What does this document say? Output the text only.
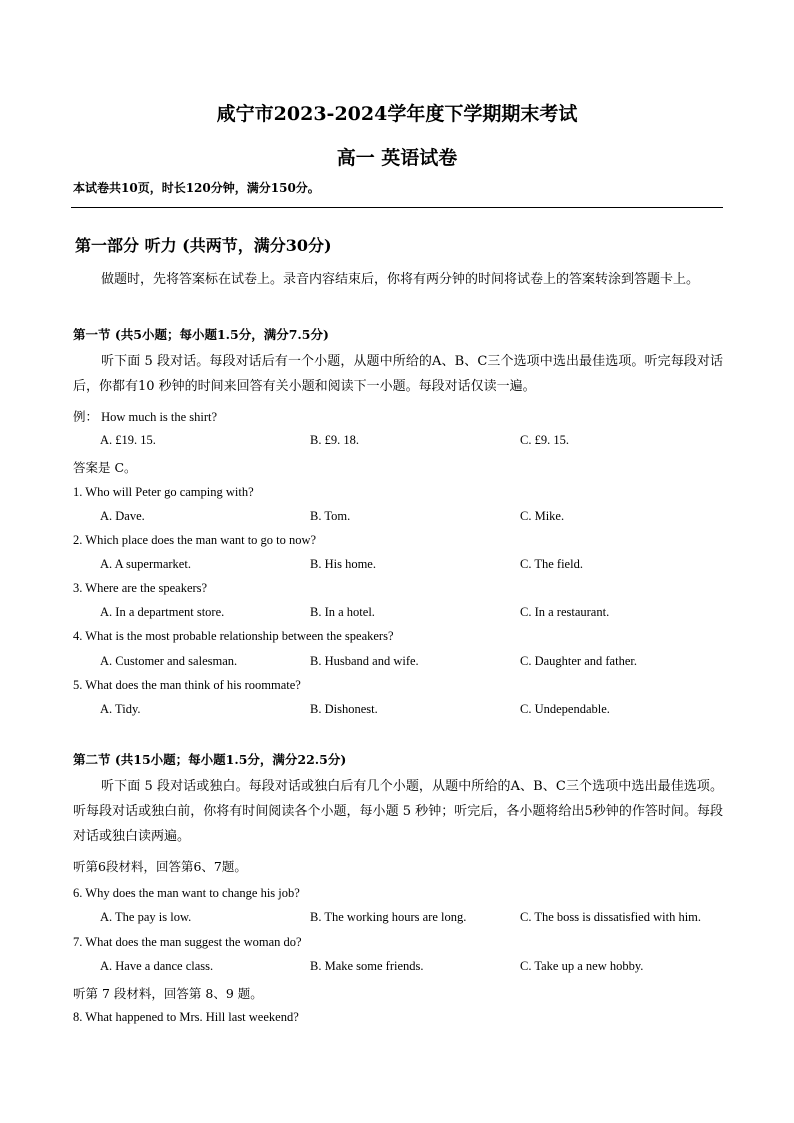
咸宁市2023-2024学年度下学期期末考试
高一 英语试卷
本试卷共10页，时长120分钟，满分150分。
第一部分 听力 (共两节，满分30分)
做题时，先将答案标在试卷上。录音内容结束后，你将有两分钟的时间将试卷上的答案转涂到答题卡上。
第一节 (共5小题；每小题1.5分，满分7.5分)
听下面 5 段对话。每段对话后有一个小题，从题中所给的A、B、C三个选项中选出最佳选项。听完每段对话后，你都有10 秒钟的时间来回答有关小题和阅读下一小题。每段对话仅读一遍。
例： How much is the shirt?
A. £19. 15.	B. £9. 18.	C. £9. 15.
答案是 C。
1. Who will Peter go camping with?
A. Dave.	B. Tom.	C. Mike.
2. Which place does the man want to go to now?
A. A supermarket.	B. His home.	C. The field.
3. Where are the speakers?
A. In a department store.	B. In a hotel.	C. In a restaurant.
4. What is the most probable relationship between the speakers?
A. Customer and salesman.	B. Husband and wife.	C. Daughter and father.
5. What does the man think of his roommate?
A. Tidy.	B. Dishonest.	C. Undependable.
第二节 (共15小题；每小题1.5分，满分22.5分)
听下面 5 段对话或独白。每段对话或独白后有几个小题，从题中所给的A、B、C三个选项中选出最佳选项。听每段对话或独白前，你将有时间阅读各个小题，每小题 5 秒钟；听完后，各小题将给出5秒钟的作答时间。每段对话或独白读两遍。
听第6段材料，回答第6、7题。
6. Why does the man want to change his job?
A. The pay is low.	B. The working hours are long.	C. The boss is dissatisfied with him.
7. What does the man suggest the woman do?
A. Have a dance class.	B. Make some friends.	C. Take up a new hobby.
听第 7 段材料，回答第 8、9 题。
8. What happened to Mrs. Hill last weekend?
